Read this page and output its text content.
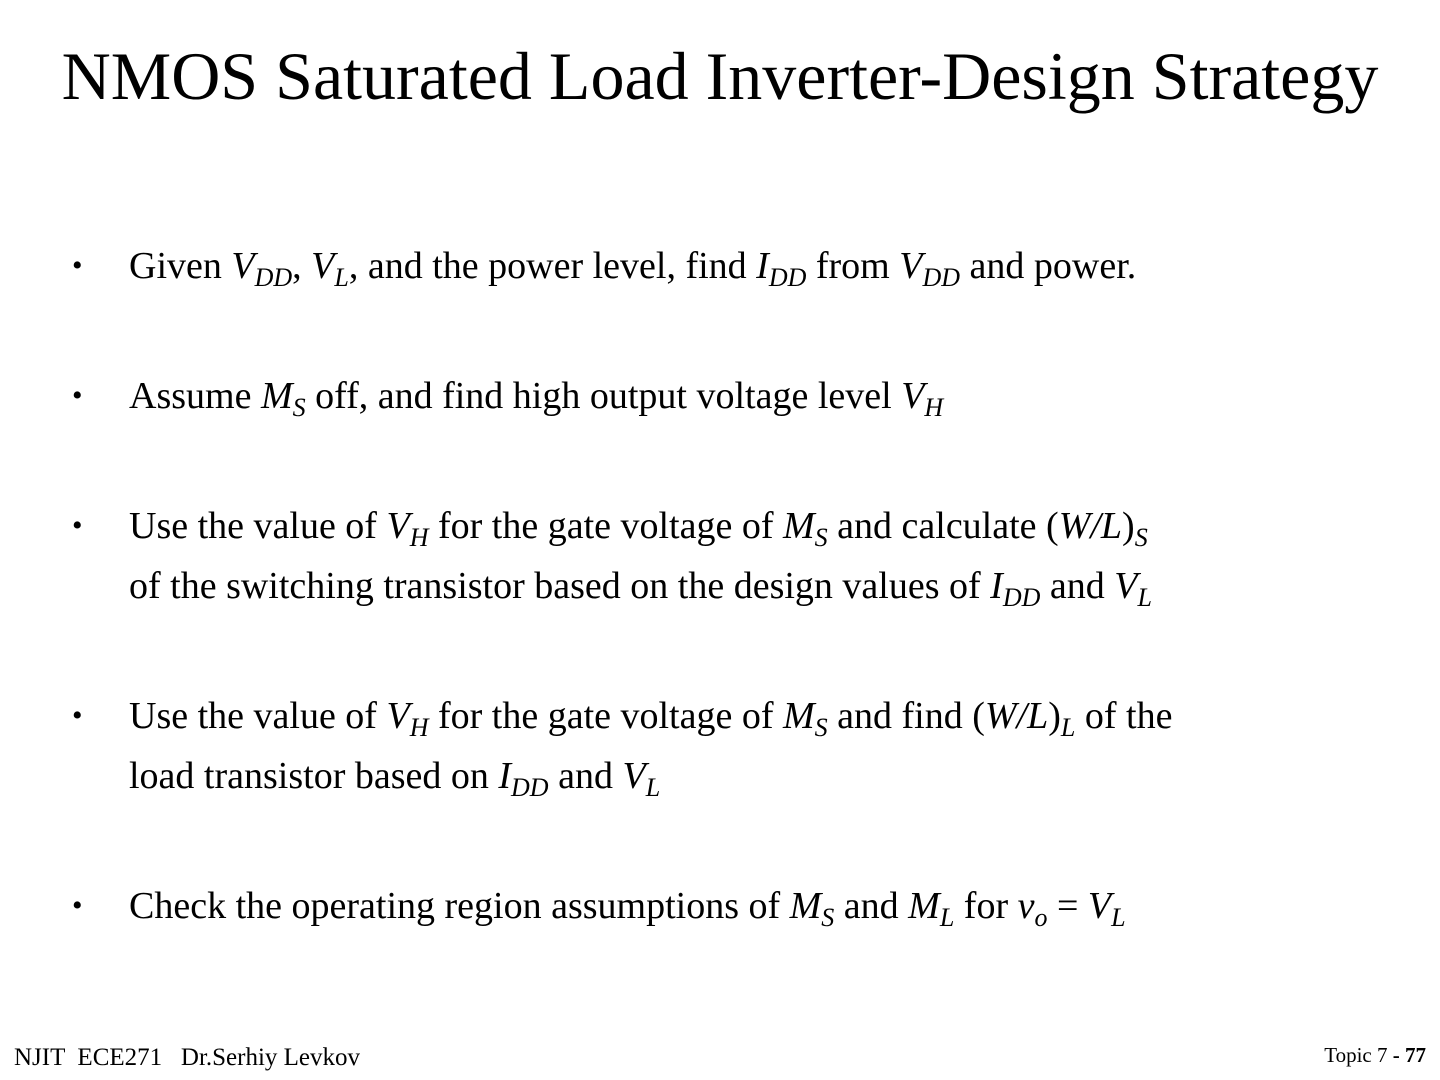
NMOS Saturated Load Inverter-Design Strategy
•	Given $V_{DD}$, $V_L$, and the power level, find $I_{DD}$ from $V_{DD}$ and power.
•	Assume $M_S$ off, and find high output voltage level $V_H$
•	Use the value of $V_H$ for the gate voltage of $M_S$ and calculate $(W/L)_S$
of the switching transistor based on the design values of $I_{DD}$ and $V_L$
•	Use the value of $V_H$ for the gate voltage of $M_S$ and find $(W/L)_L$ of the
load transistor based on $I_{DD}$ and $V_L$
•	Check the operating region assumptions of $M_S$ and $M_L$ for $v_o = V_L$
NJIT  ECE271   Dr.Serhiy Levkov	Topic 7 - 77
